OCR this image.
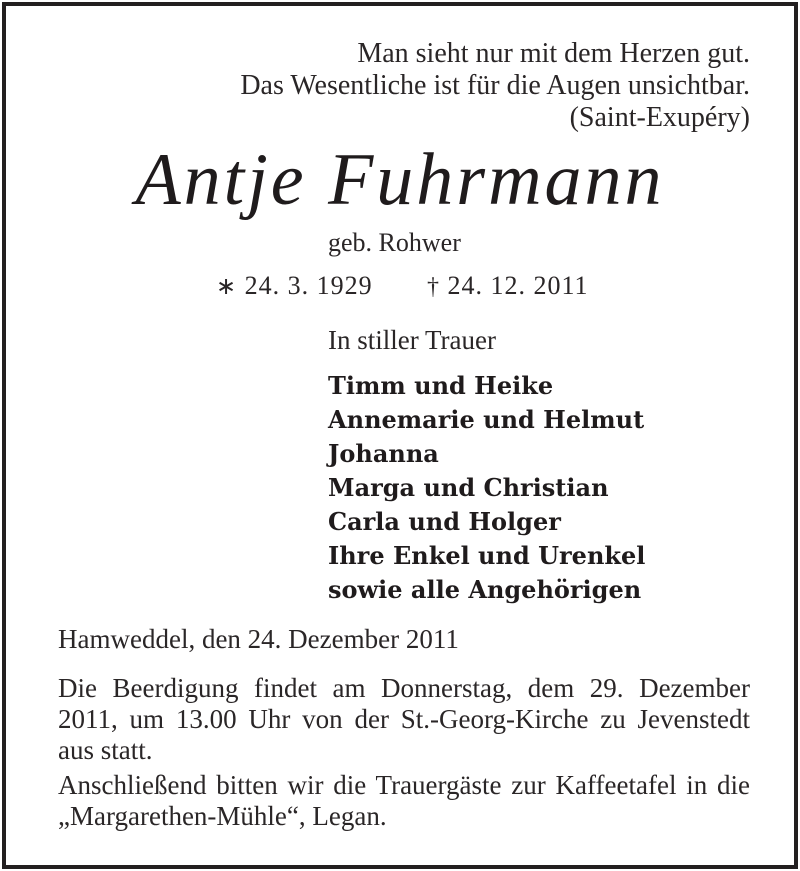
Man sieht nur mit dem Herzen gut.
Das Wesentliche ist für die Augen unsichtbar.
(Saint-Exupéry)
Antje Fuhrmann
geb. Rohwer
∗ 24. 3. 1929 † 24. 12. 2011
In stiller Trauer
Timm und Heike
Annemarie und Helmut
Johanna
Marga und Christian
Carla und Holger
Ihre Enkel und Urenkel
sowie alle Angehörigen
Hamweddel, den 24. Dezember 2011
Die Beerdigung findet am Donnerstag, dem 29. Dezember 2011, um 13.00 Uhr von der St.-Georg-Kirche zu Jevenstedt aus statt.
Anschließend bitten wir die Trauergäste zur Kaffeetafel in die „Margarethen-Mühle“, Legan.
